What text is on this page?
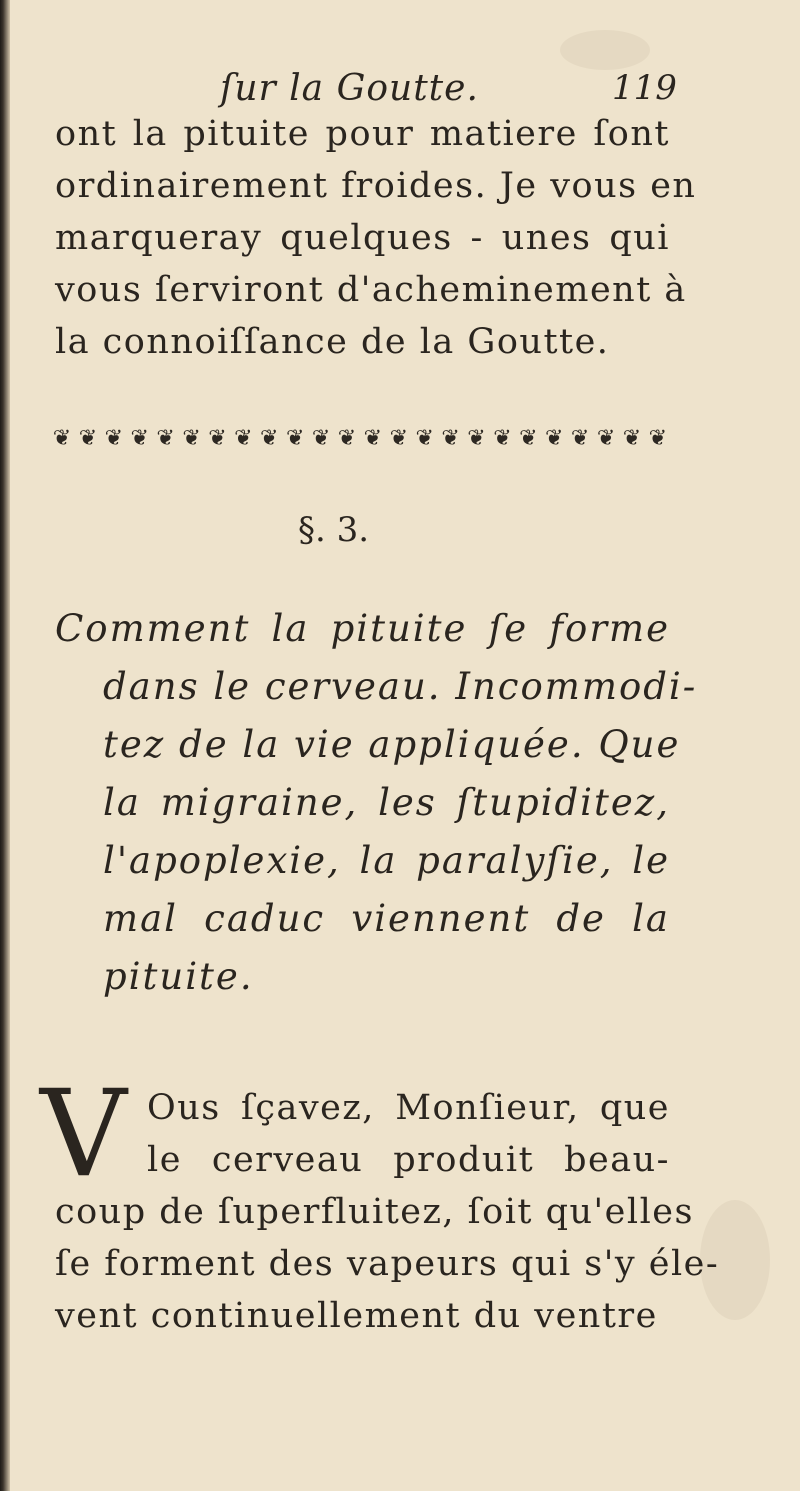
ſur la Goutte.	119
ont la pituite pour matiere ſont
ordinairement froides. Je vous en
marqueray quelques - unes qui
vous ſerviront d'acheminement à
la connoiſſance de la Goutte.
❦ ❦ ❦ ❦ ❦ ❦ ❦ ❦ ❦ ❦ ❦ ❦ ❦ ❦ ❦ ❦ ❦ ❦ ❦ ❦ ❦ ❦ ❦ ❦
§. 3.
Comment la pituite ſe forme
dans le cerveau. Incommodi-
tez de la vie appliquée. Que
la migraine, les ſtupiditez,
l'apoplexie, la paralyſie, le
mal caduc viennent de la
pituite.
V Ous ſçavez, Monſieur, que
le cerveau produit beau-
coup de ſuperfluitez, ſoit qu'elles
ſe forment des vapeurs qui s'y éle-
vent continuellement du ventre
